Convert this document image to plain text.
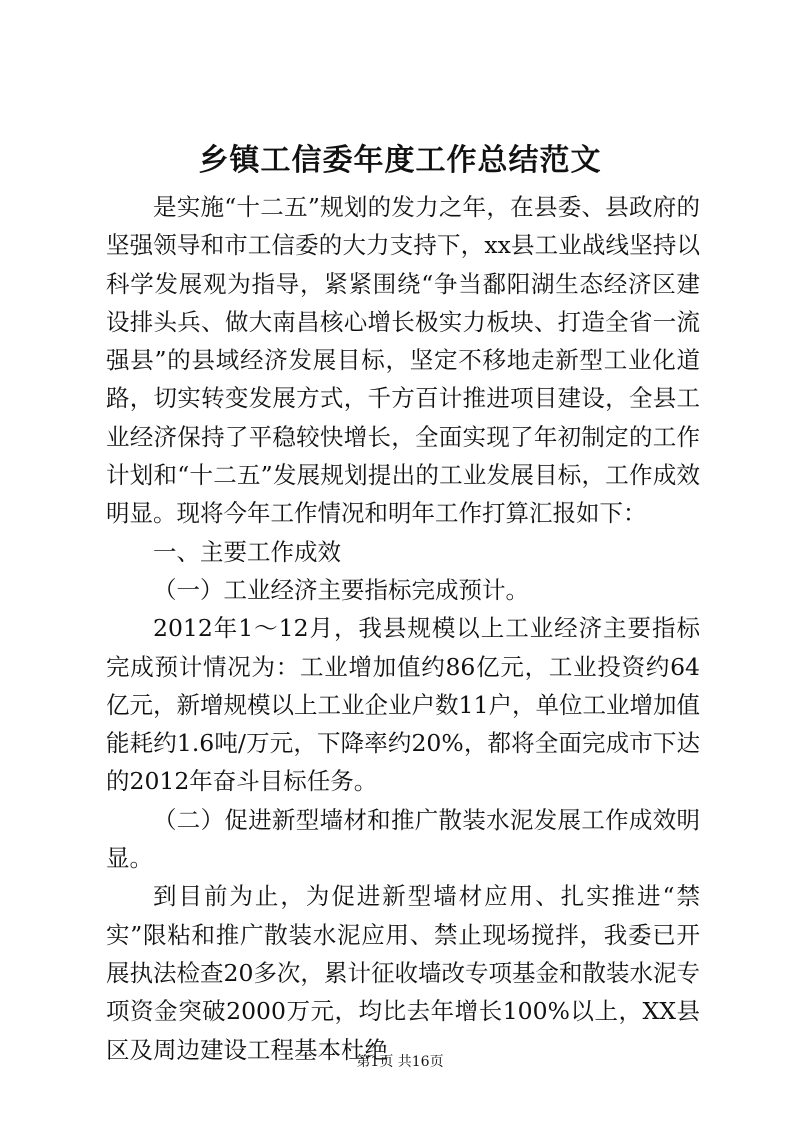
乡镇工信委年度工作总结范文

是实施“十二五”规划的发力之年，在县委、县政府的坚强领导和市工信委的大力支持下，xx县工业战线坚持以科学发展观为指导，紧紧围绕“争当鄱阳湖生态经济区建设排头兵、做大南昌核心增长极实力板块、打造全省一流强县”的县域经济发展目标，坚定不移地走新型工业化道路，切实转变发展方式，千方百计推进项目建设，全县工业经济保持了平稳较快增长，全面实现了年初制定的工作计划和“十二五”发展规划提出的工业发展目标，工作成效明显。现将今年工作情况和明年工作打算汇报如下：

一、主要工作成效

（一）工业经济主要指标完成预计。

2012年1～12月，我县规模以上工业经济主要指标完成预计情况为：工业增加值约86亿元，工业投资约64亿元，新增规模以上工业企业户数11户，单位工业增加值能耗约1.6吨/万元，下降率约20%，都将全面完成市下达的2012年奋斗目标任务。

（二）促进新型墙材和推广散装水泥发展工作成效明显。

到目前为止，为促进新型墙材应用、扎实推进“禁实”限粘和推广散装水泥应用、禁止现场搅拌，我委已开展执法检查20多次，累计征收墙改专项基金和散装水泥专项资金突破2000万元，均比去年增长100%以上，XX县区及周边建设工程基本杜绝

第1页 共16页
